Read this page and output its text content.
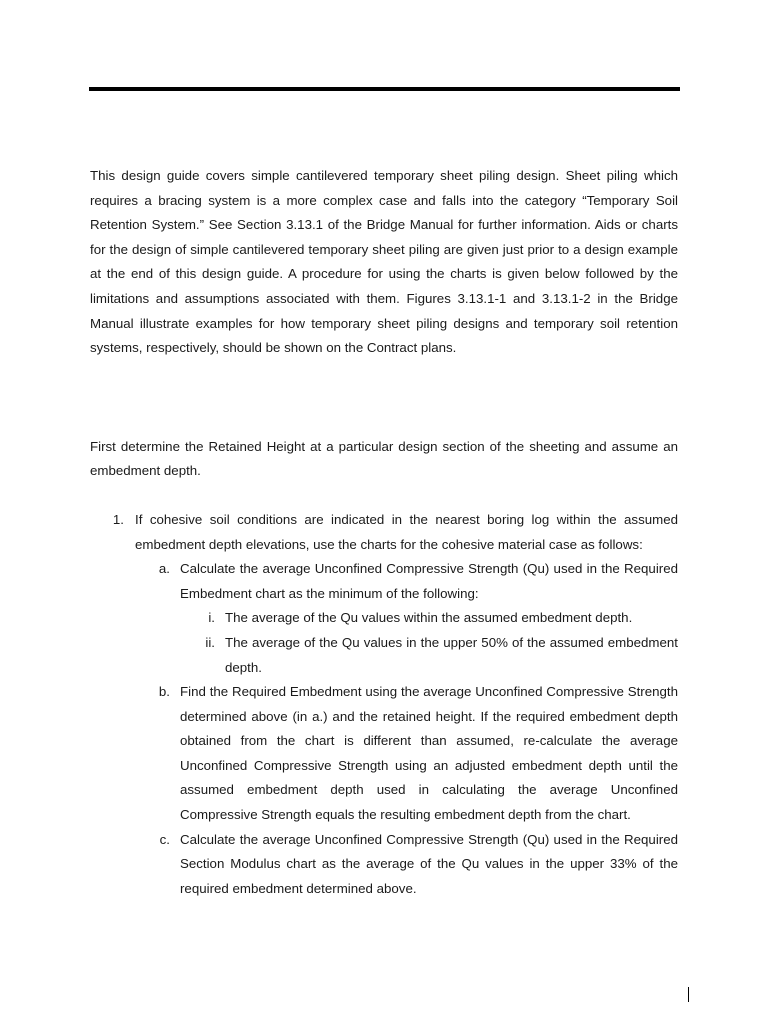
This design guide covers simple cantilevered temporary sheet piling design. Sheet piling which requires a bracing system is a more complex case and falls into the category “Temporary Soil Retention System.” See Section 3.13.1 of the Bridge Manual for further information. Aids or charts for the design of simple cantilevered temporary sheet piling are given just prior to a design example at the end of this design guide. A procedure for using the charts is given below followed by the limitations and assumptions associated with them. Figures 3.13.1-1 and 3.13.1-2 in the Bridge Manual illustrate examples for how temporary sheet piling designs and temporary soil retention systems, respectively, should be shown on the Contract plans.

First determine the Retained Height at a particular design section of the sheeting and assume an embedment depth.

1. If cohesive soil conditions are indicated in the nearest boring log within the assumed embedment depth elevations, use the charts for the cohesive material case as follows:
a. Calculate the average Unconfined Compressive Strength (Qu) used in the Required Embedment chart as the minimum of the following:
i. The average of the Qu values within the assumed embedment depth.
ii. The average of the Qu values in the upper 50% of the assumed embedment depth.
b. Find the Required Embedment using the average Unconfined Compressive Strength determined above (in a.) and the retained height. If the required embedment depth obtained from the chart is different than assumed, re-calculate the average Unconfined Compressive Strength using an adjusted embedment depth until the assumed embedment depth used in calculating the average Unconfined Compressive Strength equals the resulting embedment depth from the chart.
c. Calculate the average Unconfined Compressive Strength (Qu) used in the Required Section Modulus chart as the average of the Qu values in the upper 33% of the required embedment determined above.
